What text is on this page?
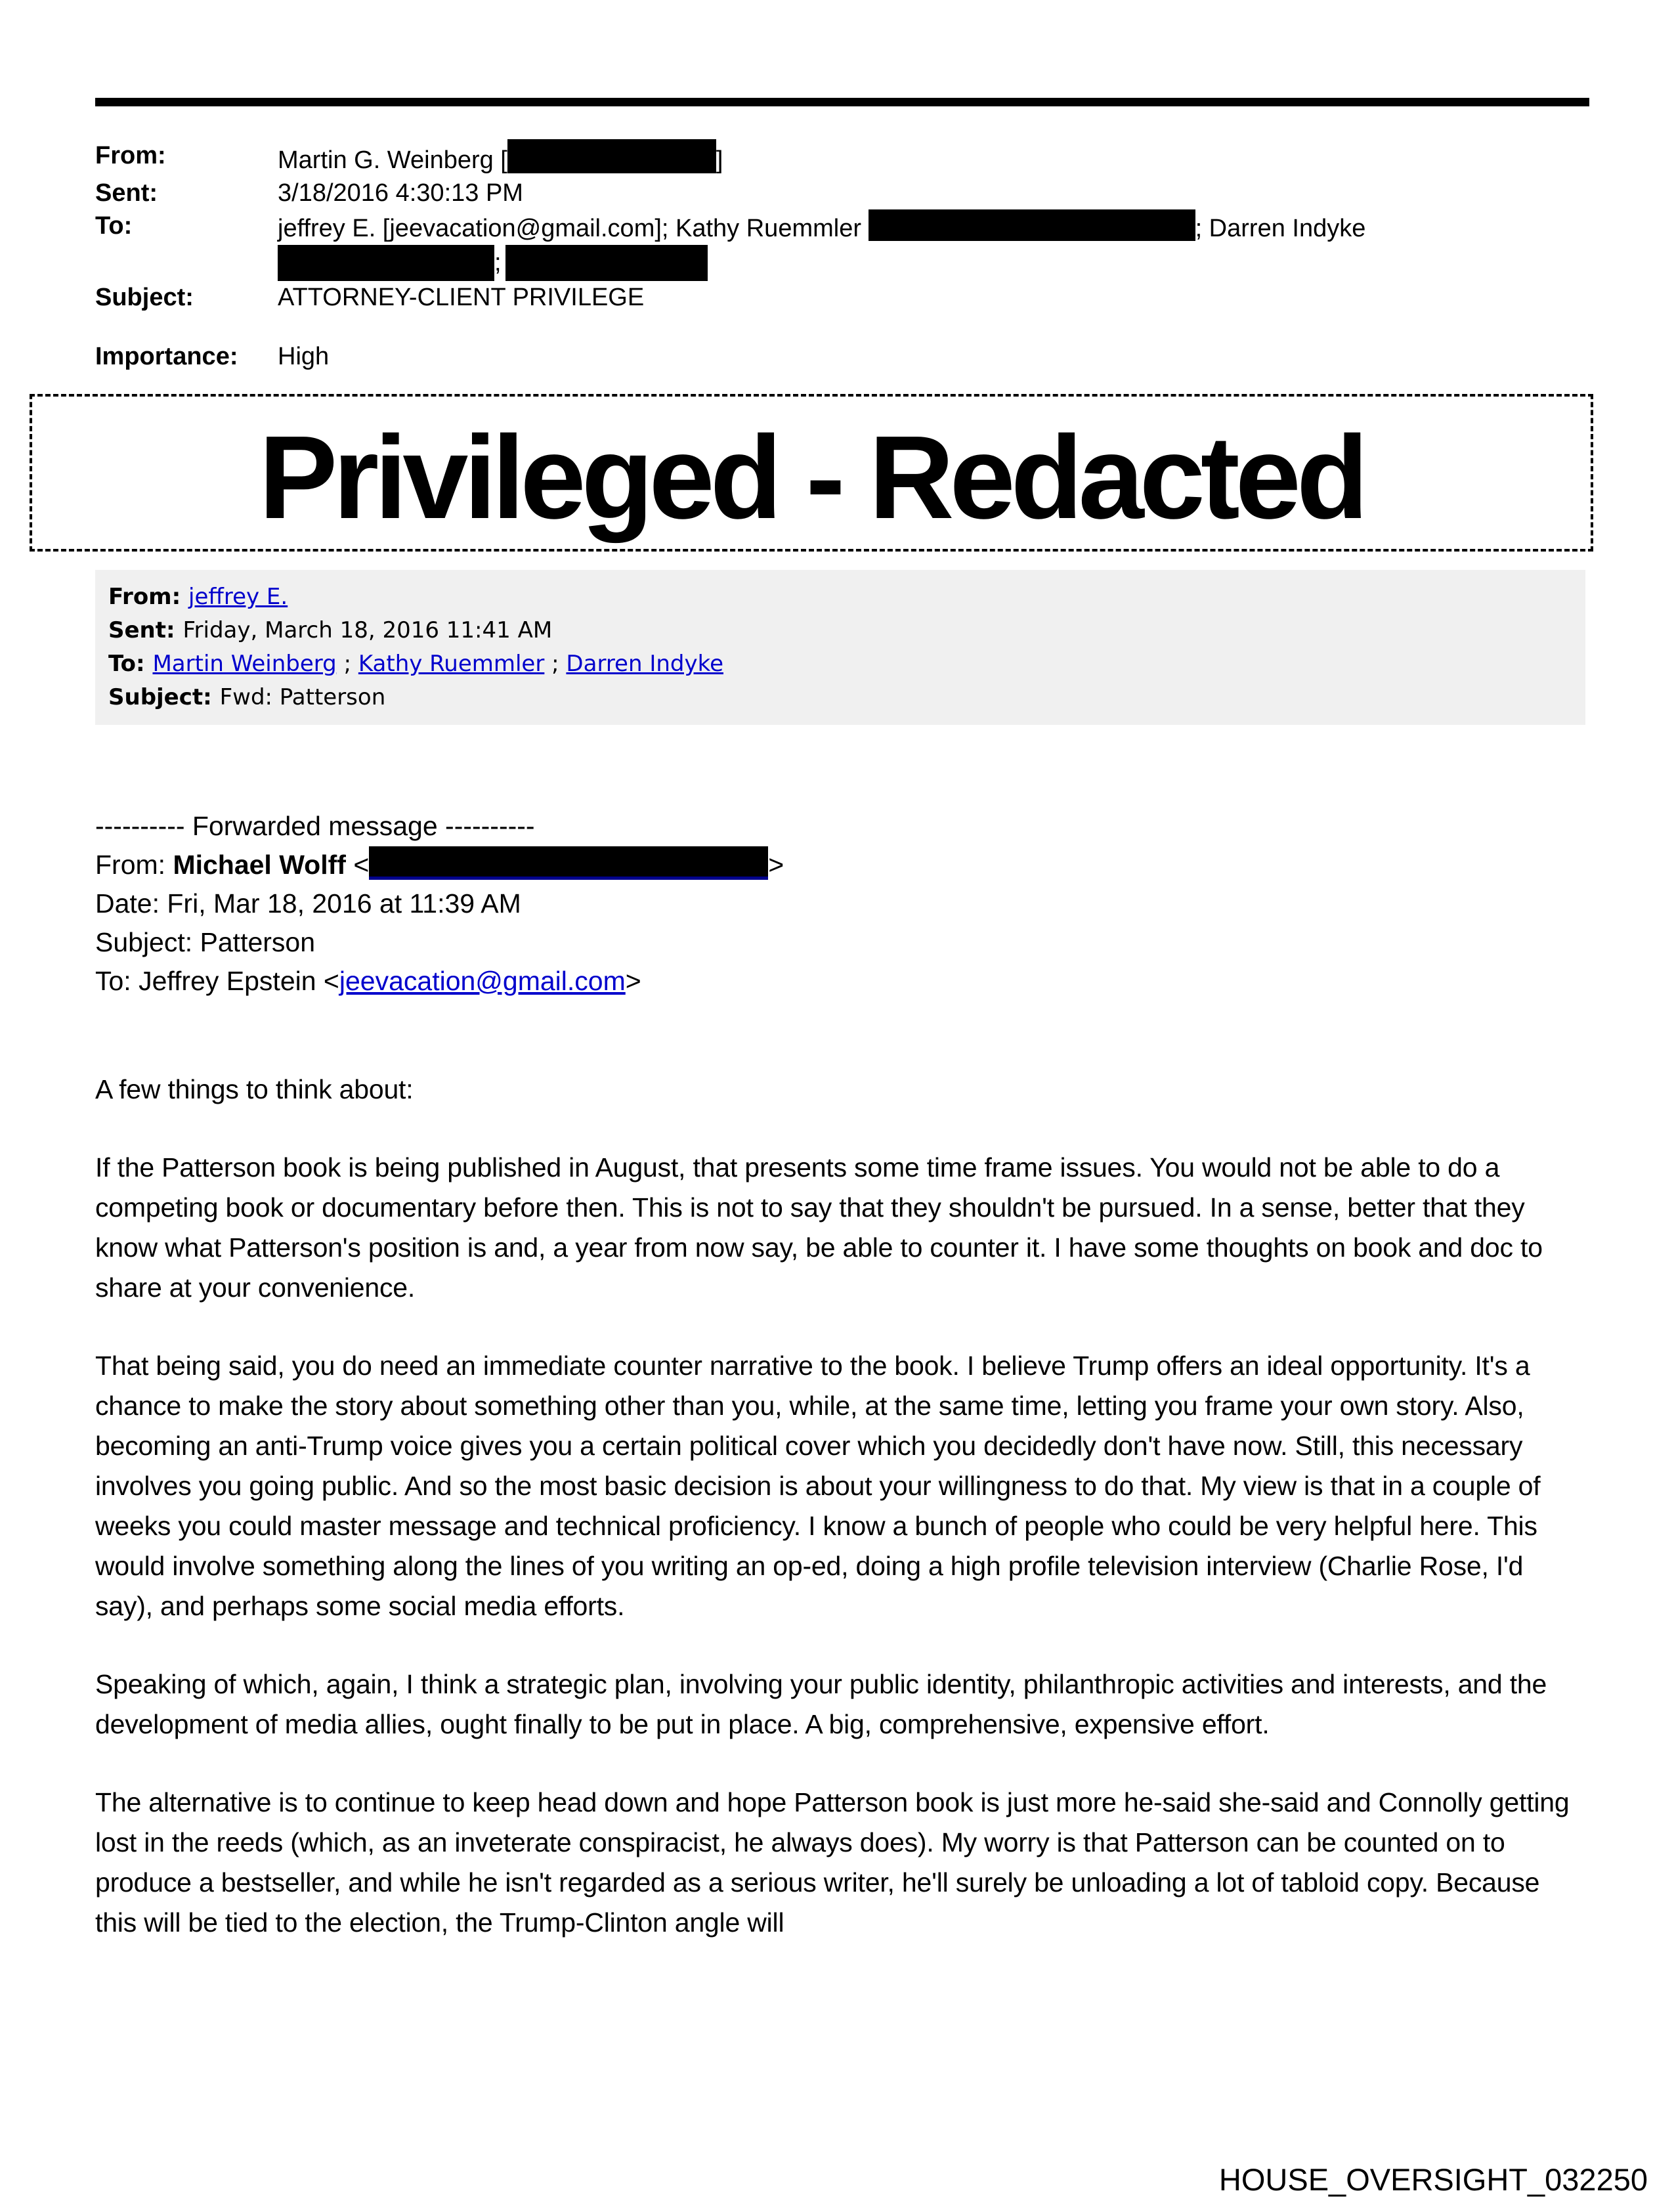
From:	Martin G. Weinberg [	]
Sent:	3/18/2016 4:30:13 PM
To:	jeffrey E. [jeevacation@gmail.com]; Kathy Ruemmler	; Darren Indyke
;
Subject:	ATTORNEY-CLIENT PRIVILEGE
Importance:	High
Privileged - Redacted
From: jeffrey E.
Sent: Friday, March 18, 2016 11:41 AM
To: Martin Weinberg ; Kathy Ruemmler ; Darren Indyke
Subject: Fwd: Patterson
---------- Forwarded message ----------
From: Michael Wolff <	>
Date: Fri, Mar 18, 2016 at 11:39 AM
Subject: Patterson
To: Jeffrey Epstein <jeevacation@gmail.com>

A few things to think about:

If the Patterson book is being published in August, that presents some time frame issues. You would not be able to do a competing book or documentary before then. This is not to say that they shouldn't be pursued. In a sense, better that they know what Patterson's position is and, a year from now say, be able to counter it. I have some thoughts on book and doc to share at your convenience.

That being said, you do need an immediate counter narrative to the book. I believe Trump offers an ideal opportunity. It's a chance to make the story about something other than you, while, at the same time, letting you frame your own story. Also, becoming an anti-Trump voice gives you a certain political cover which you decidedly don't have now. Still, this necessary involves you going public. And so the most basic decision is about your willingness to do that. My view is that in a couple of weeks you could master message and technical proficiency. I know a bunch of people who could be very helpful here. This would involve something along the lines of you writing an op-ed, doing a high profile television interview (Charlie Rose, I'd say), and perhaps some social media efforts.

Speaking of which, again, I think a strategic plan, involving your public identity, philanthropic activities and interests, and the development of media allies, ought finally to be put in place. A big, comprehensive, expensive effort.

The alternative is to continue to keep head down and hope Patterson book is just more he-said she-said and Connolly getting lost in the reeds (which, as an inveterate conspiracist, he always does). My worry is that Patterson can be counted on to produce a bestseller, and while he isn't regarded as a serious writer, he'll surely be unloading a lot of tabloid copy. Because this will be tied to the election, the Trump-Clinton angle will

HOUSE_OVERSIGHT_032250
